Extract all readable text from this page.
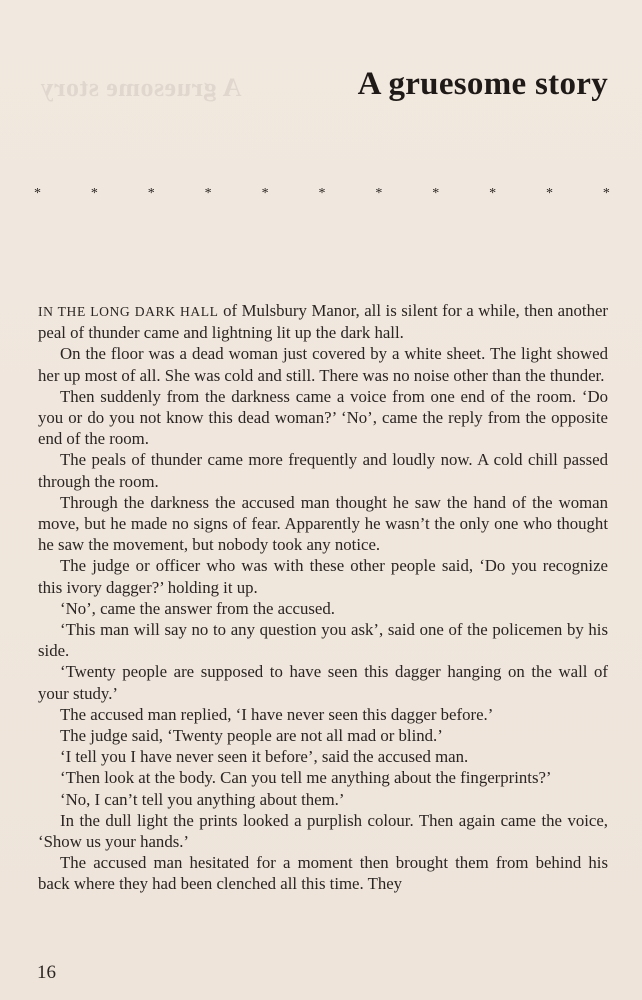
A gruesome story	A gruesome story
*	*	*	*	*	*	*	*	*	*	*

IN THE LONG DARK HALL of Mulsbury Manor, all is silent for a while, then another peal of thunder came and lightning lit up the dark hall.

On the floor was a dead woman just covered by a white sheet. The light showed her up most of all. She was cold and still. There was no noise other than the thunder.

Then suddenly from the darkness came a voice from one end of the room. ‘Do you or do you not know this dead woman?’ ‘No’, came the reply from the opposite end of the room.

The peals of thunder came more frequently and loudly now. A cold chill passed through the room.

Through the darkness the accused man thought he saw the hand of the woman move, but he made no signs of fear. Apparently he wasn’t the only one who thought he saw the movement, but nobody took any notice.

The judge or officer who was with these other people said, ‘Do you recognize this ivory dagger?’ holding it up.

‘No’, came the answer from the accused.

‘This man will say no to any question you ask’, said one of the policemen by his side.

‘Twenty people are supposed to have seen this dagger hanging on the wall of your study.’

The accused man replied, ‘I have never seen this dagger before.’

The judge said, ‘Twenty people are not all mad or blind.’

‘I tell you I have never seen it before’, said the accused man.

‘Then look at the body. Can you tell me anything about the fingerprints?’

‘No, I can’t tell you anything about them.’

In the dull light the prints looked a purplish colour. Then again came the voice, ‘Show us your hands.’

The accused man hesitated for a moment then brought them from behind his back where they had been clenched all this time. They

16
